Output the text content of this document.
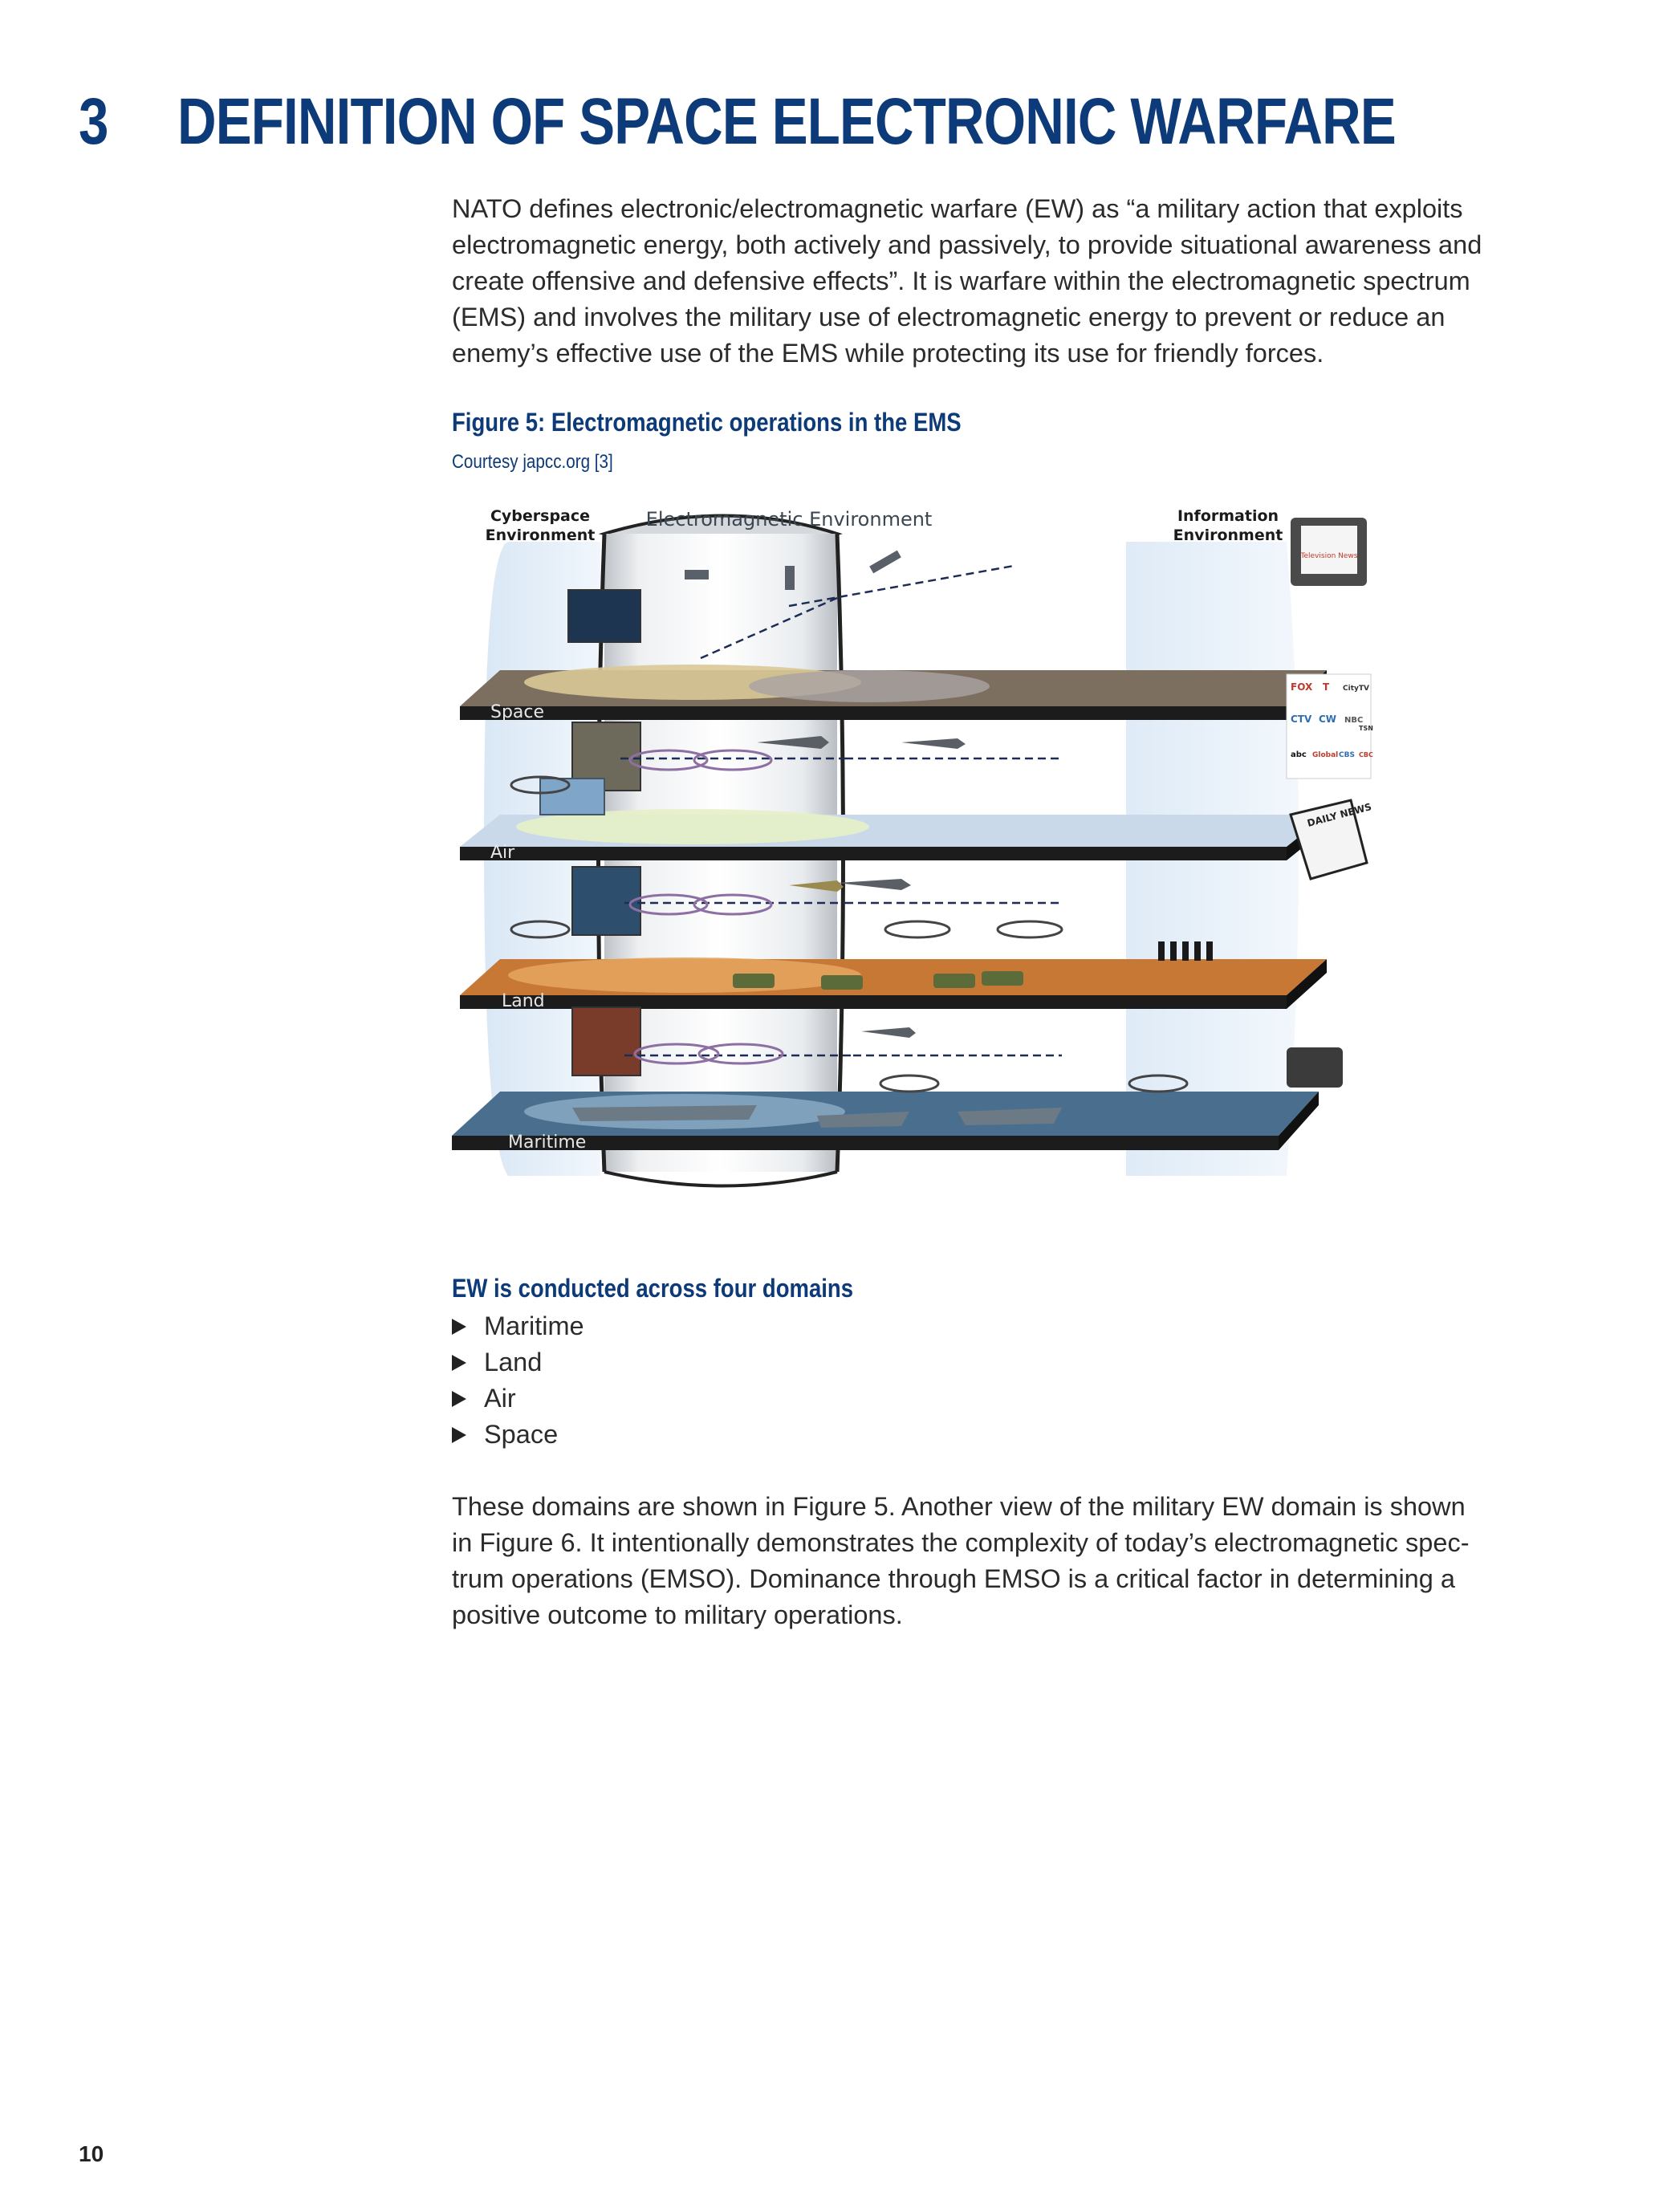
3 DEFINITION OF SPACE ELECTRONIC WARFARE
NATO defines electronic/electromagnetic warfare (EW) as “a military action that exploits
electromagnetic energy, both actively and passively, to provide situational awareness and
create offensive and defensive effects”. It is warfare within the electromagnetic spectrum
(EMS) and involves the military use of electromagnetic energy to prevent or reduce an
enemy’s effective use of the EMS while protecting its use for friendly forces.
Figure 5: Electromagnetic operations in the EMS
Courtesy japcc.org [3]
Television News
FOX T CityTV
CTV CW NBC
TSN
abc Global CBS CBC
DAILY NEWS
Cyberspace
Environment
Electromagnetic Environment	Information
Environment
Space
Air
Land
Maritime
EW is conducted across four domains
Maritime
Land
Air
Space
These domains are shown in Figure 5. Another view of the military EW domain is shown
in Figure 6. It intentionally demonstrates the complexity of today’s electromagnetic spec-
trum operations (EMSO). Dominance through EMSO is a critical factor in determining a
positive outcome to military operations.
10
